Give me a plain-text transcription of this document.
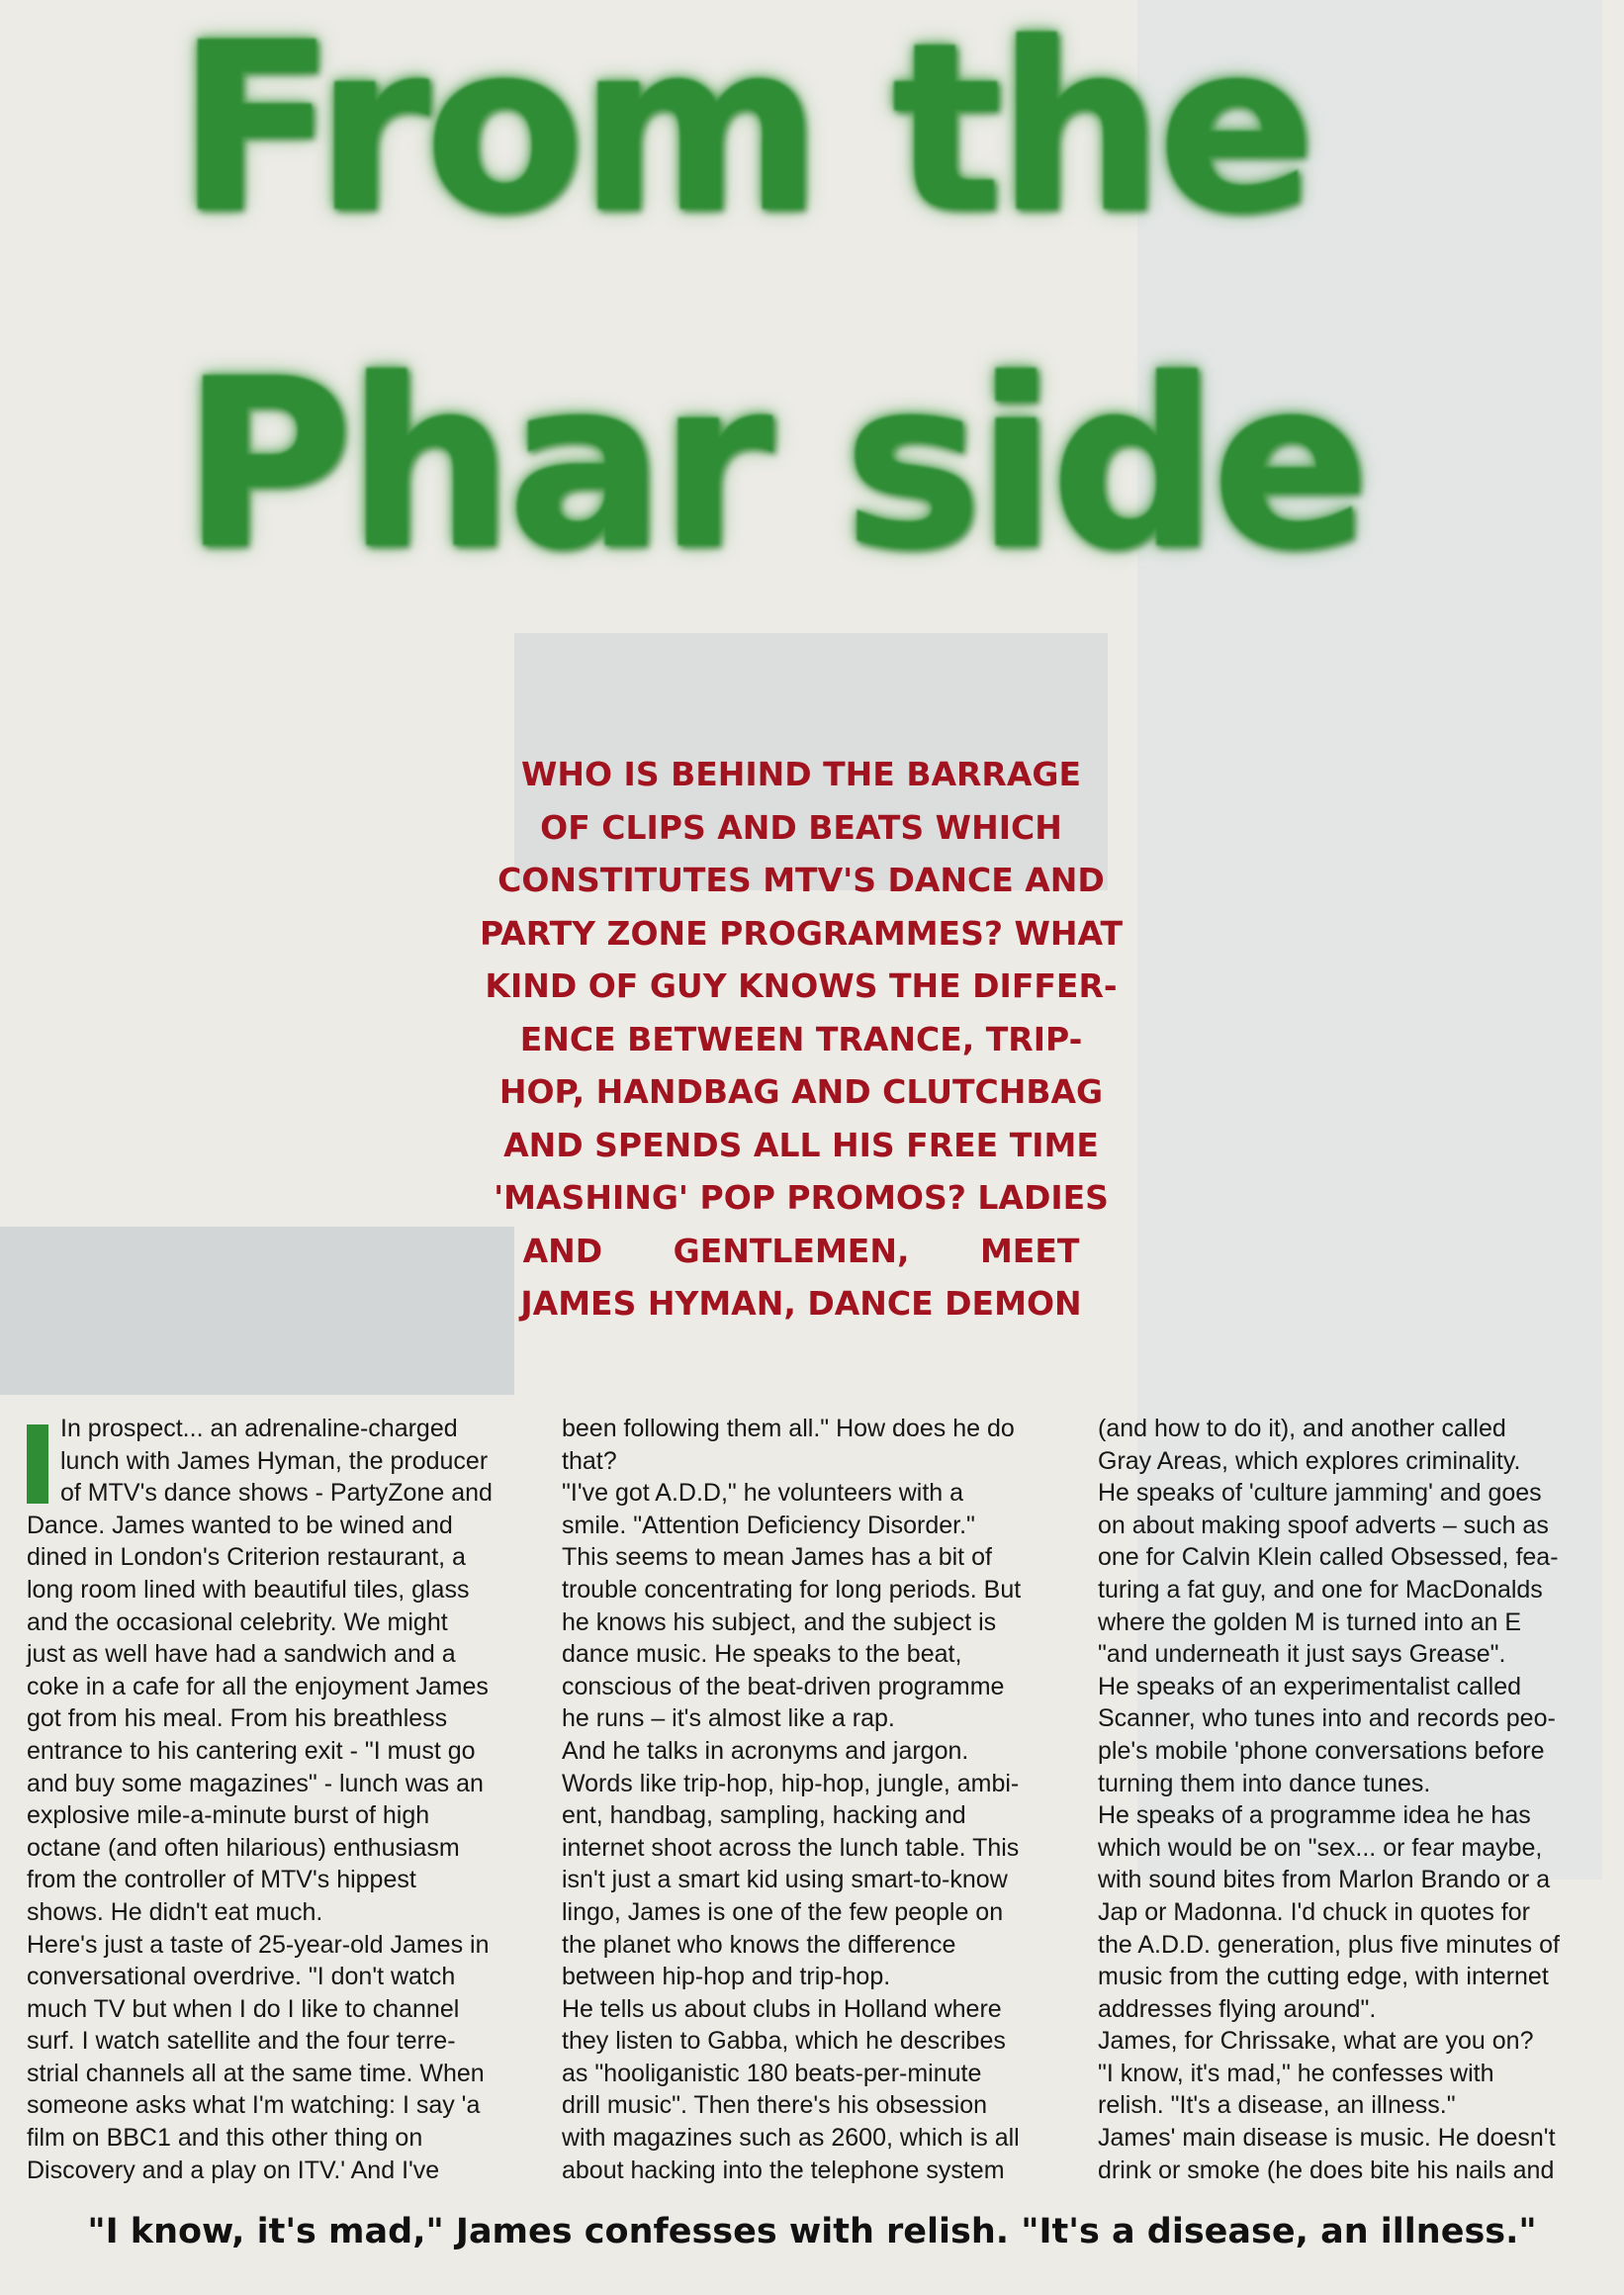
From the
Phar side
WHO IS BEHIND THE BARRAGE
OF CLIPS AND BEATS WHICH
CONSTITUTES MTV'S DANCE AND
PARTY ZONE PROGRAMMES? WHAT
KIND OF GUY KNOWS THE DIFFER-
ENCE BETWEEN TRANCE, TRIP-
HOP, HANDBAG AND CLUTCHBAG
AND SPENDS ALL HIS FREE TIME
'MASHING' POP PROMOS? LADIES
AND GENTLEMEN, MEET
JAMES HYMAN, DANCE DEMON
In prospect... an adrenaline-charged
lunch with James Hyman, the producer
of MTV's dance shows - PartyZone and
Dance. James wanted to be wined and
dined in London's Criterion restaurant, a
long room lined with beautiful tiles, glass
and the occasional celebrity. We might
just as well have had a sandwich and a
coke in a cafe for all the enjoyment James
got from his meal. From his breathless
entrance to his cantering exit - "I must go
and buy some magazines" - lunch was an
explosive mile-a-minute burst of high
octane (and often hilarious) enthusiasm
from the controller of MTV's hippest
shows. He didn't eat much.
Here's just a taste of 25-year-old James in
conversational overdrive. "I don't watch
much TV but when I do I like to channel
surf. I watch satellite and the four terre-
strial channels all at the same time. When
someone asks what I'm watching: I say 'a
film on BBC1 and this other thing on
Discovery and a play on ITV.' And I've
been following them all." How does he do
that?
"I've got A.D.D," he volunteers with a
smile. "Attention Deficiency Disorder."
This seems to mean James has a bit of
trouble concentrating for long periods. But
he knows his subject, and the subject is
dance music. He speaks to the beat,
conscious of the beat-driven programme
he runs – it's almost like a rap.
And he talks in acronyms and jargon.
Words like trip-hop, hip-hop, jungle, ambi-
ent, handbag, sampling, hacking and
internet shoot across the lunch table. This
isn't just a smart kid using smart-to-know
lingo, James is one of the few people on
the planet who knows the difference
between hip-hop and trip-hop.
He tells us about clubs in Holland where
they listen to Gabba, which he describes
as "hooliganistic 180 beats-per-minute
drill music". Then there's his obsession
with magazines such as 2600, which is all
about hacking into the telephone system
(and how to do it), and another called
Gray Areas, which explores criminality.
He speaks of 'culture jamming' and goes
on about making spoof adverts – such as
one for Calvin Klein called Obsessed, fea-
turing a fat guy, and one for MacDonalds
where the golden M is turned into an E
"and underneath it just says Grease".
He speaks of an experimentalist called
Scanner, who tunes into and records peo-
ple's mobile 'phone conversations before
turning them into dance tunes.
He speaks of a programme idea he has
which would be on "sex... or fear maybe,
with sound bites from Marlon Brando or a
Jap or Madonna. I'd chuck in quotes for
the A.D.D. generation, plus five minutes of
music from the cutting edge, with internet
addresses flying around".
James, for Chrissake, what are you on?
"I know, it's mad," he confesses with
relish. "It's a disease, an illness."
James' main disease is music. He doesn't
drink or smoke (he does bite his nails and
"I know, it's mad," James confesses with relish. "It's a disease, an illness."
